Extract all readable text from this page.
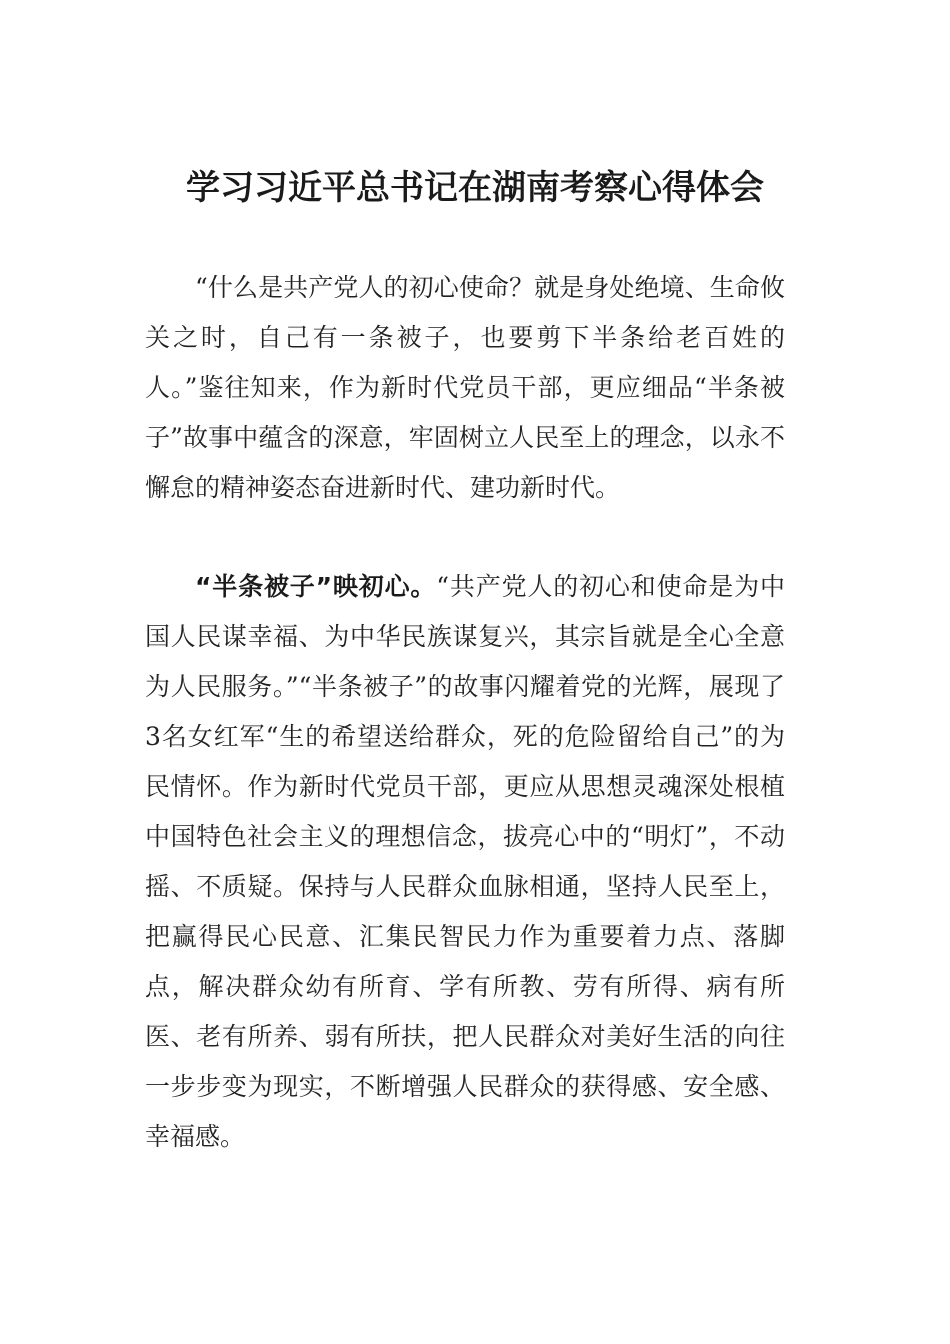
学习习近平总书记在湖南考察心得体会

“什么是共产党人的初心使命？就是身处绝境、生命攸关之时，自己有一条被子，也要剪下半条给老百姓的人。”鉴往知来，作为新时代党员干部，更应细品“半条被子”故事中蕴含的深意，牢固树立人民至上的理念，以永不懈怠的精神姿态奋进新时代、建功新时代。

“半条被子”映初心。“共产党人的初心和使命是为中国人民谋幸福、为中华民族谋复兴，其宗旨就是全心全意为人民服务。”“半条被子”的故事闪耀着党的光辉，展现了3名女红军“生的希望送给群众，死的危险留给自己”的为民情怀。作为新时代党员干部，更应从思想灵魂深处根植中国特色社会主义的理想信念，拔亮心中的“明灯”，不动摇、不质疑。保持与人民群众血脉相通，坚持人民至上，把赢得民心民意、汇集民智民力作为重要着力点、落脚点，解决群众幼有所育、学有所教、劳有所得、病有所医、老有所养、弱有所扶，把人民群众对美好生活的向往一步步变为现实，不断增强人民群众的获得感、安全感、幸福感。
